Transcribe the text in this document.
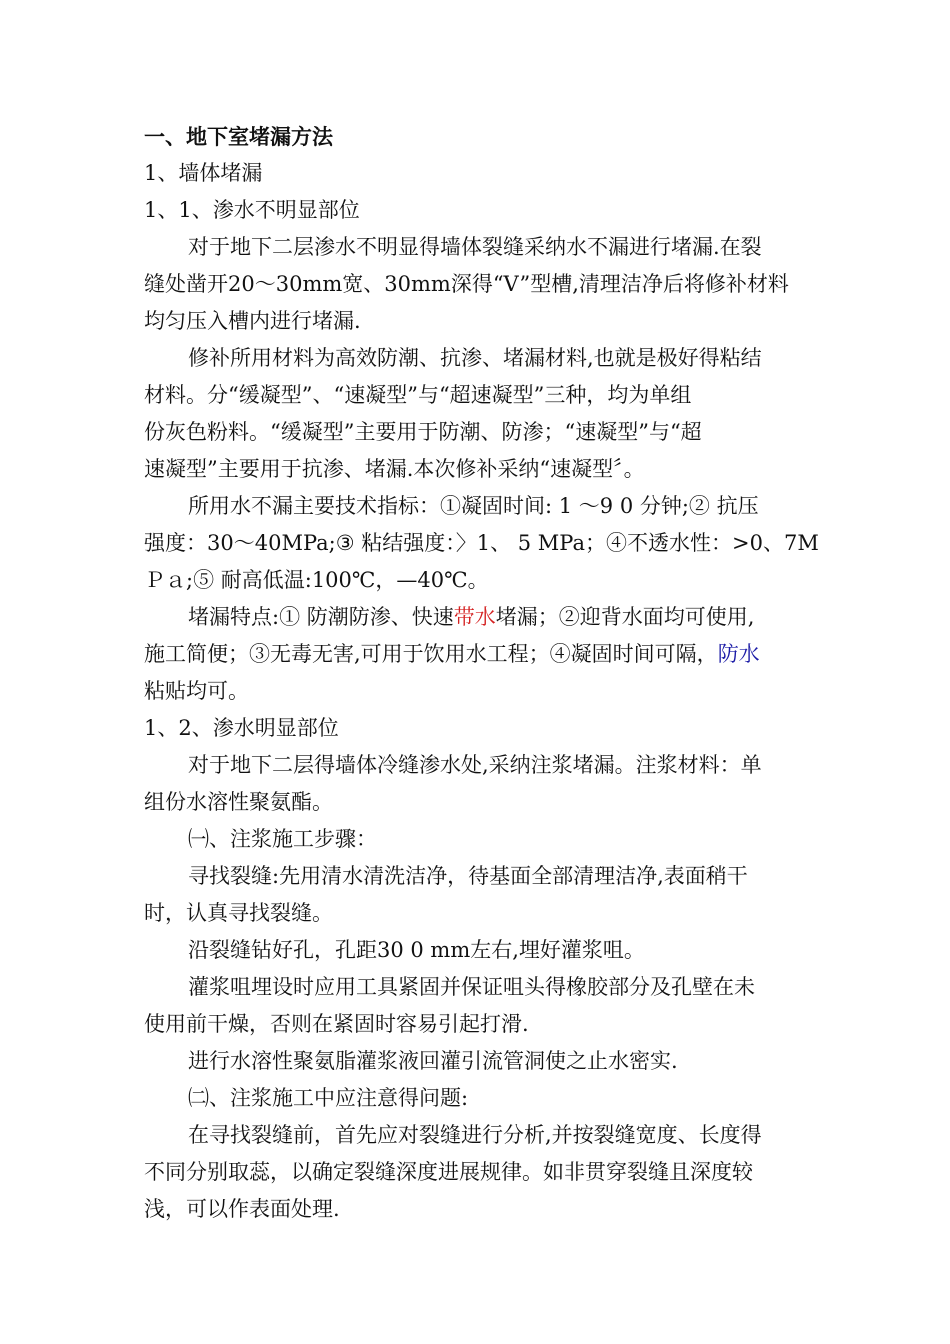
一、地下室堵漏方法
1、墙体堵漏
1、1、渗水不明显部位
对于地下二层渗水不明显得墙体裂缝采纳水不漏进行堵漏.在裂
缝处凿开20～30mm宽、30mm深得“V”型槽,清理洁净后将修补材料
均匀压入槽内进行堵漏.
修补所用材料为高效防潮、抗渗、堵漏材料,也就是极好得粘结
材料。分“缓凝型”、“速凝型”与“超速凝型”三种，均为单组
份灰色粉料。“缓凝型”主要用于防潮、防渗；“速凝型”与“超
速凝型”主要用于抗渗、堵漏.本次修补采纳“速凝型〞。
所用水不漏主要技术指标：①凝固时间: 1 ～9 0 分钟;② 抗压
强度：30～40MPa;③ 粘结强度：〉1、 5 MPa；④不透水性：>0、7M
Ｐａ;⑤ 耐高低温:100℃，—40℃。
堵漏特点:① 防潮防渗、快速带水堵漏；②迎背水面均可使用,
施工简便；③无毒无害,可用于饮用水工程；④凝固时间可隔，防水
粘贴均可。
1、2、渗水明显部位
对于地下二层得墙体冷缝渗水处,采纳注浆堵漏。注浆材料：单
组份水溶性聚氨酯。
㈠、注浆施工步骤：
寻找裂缝:先用清水清洗洁净，待基面全部清理洁净,表面稍干
时，认真寻找裂缝。
沿裂缝钻好孔，孔距30 0 mm左右,埋好灌浆咀。
灌浆咀埋设时应用工具紧固并保证咀头得橡胶部分及孔壁在未
使用前干燥，否则在紧固时容易引起打滑.
进行水溶性聚氨脂灌浆液回灌引流管洞使之止水密实.
㈡、注浆施工中应注意得问题:
在寻找裂缝前，首先应对裂缝进行分析,并按裂缝宽度、长度得
不同分别取蕊，以确定裂缝深度进展规律。如非贯穿裂缝且深度较
浅，可以作表面处理.
